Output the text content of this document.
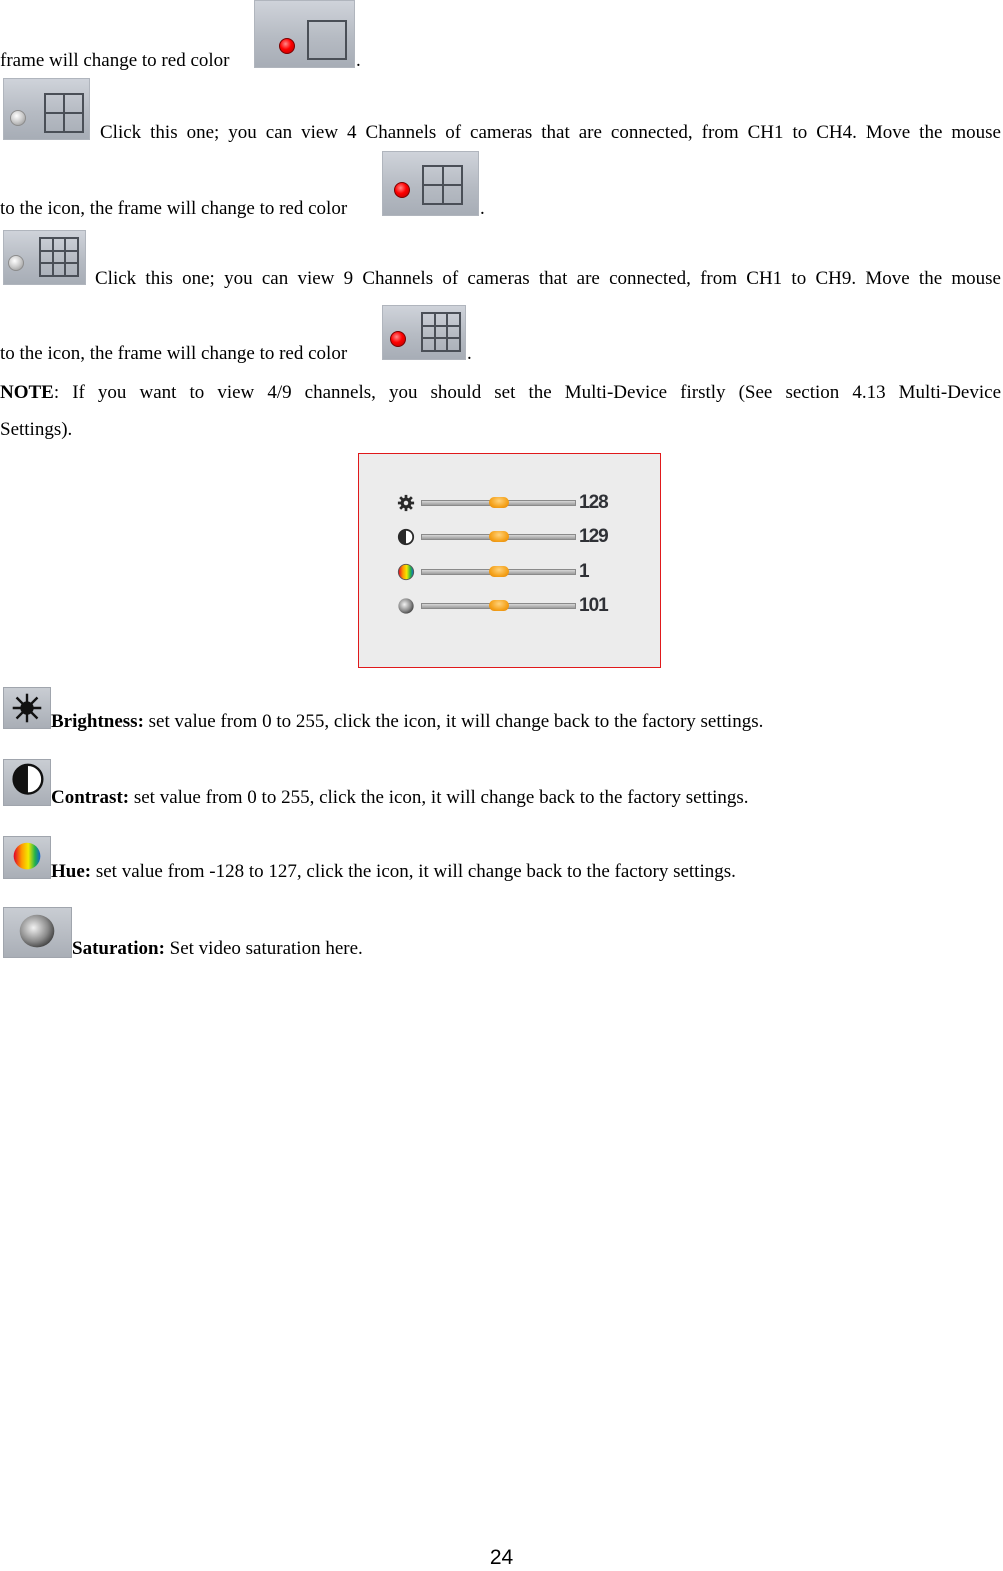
frame will change to red color	.
Click this one; you can view 4 Channels of cameras that are connected, from CH1 to CH4. Move the mouse
to the icon, the frame will change to red color	.
Click this one; you can view 9 Channels of cameras that are connected, from CH1 to CH9. Move the mouse
to the icon, the frame will change to red color	.
NOTE: If you want to view 4/9 channels, you should set the Multi-Device firstly (See section 4.13 Multi-Device
Settings).
128
129
1
101
Brightness: set value from 0 to 255, click the icon, it will change back to the factory settings.
Contrast: set value from 0 to 255, click the icon, it will change back to the factory settings.
Hue: set value from -128 to 127, click the icon, it will change back to the factory settings.
Saturation: Set video saturation here.
24
